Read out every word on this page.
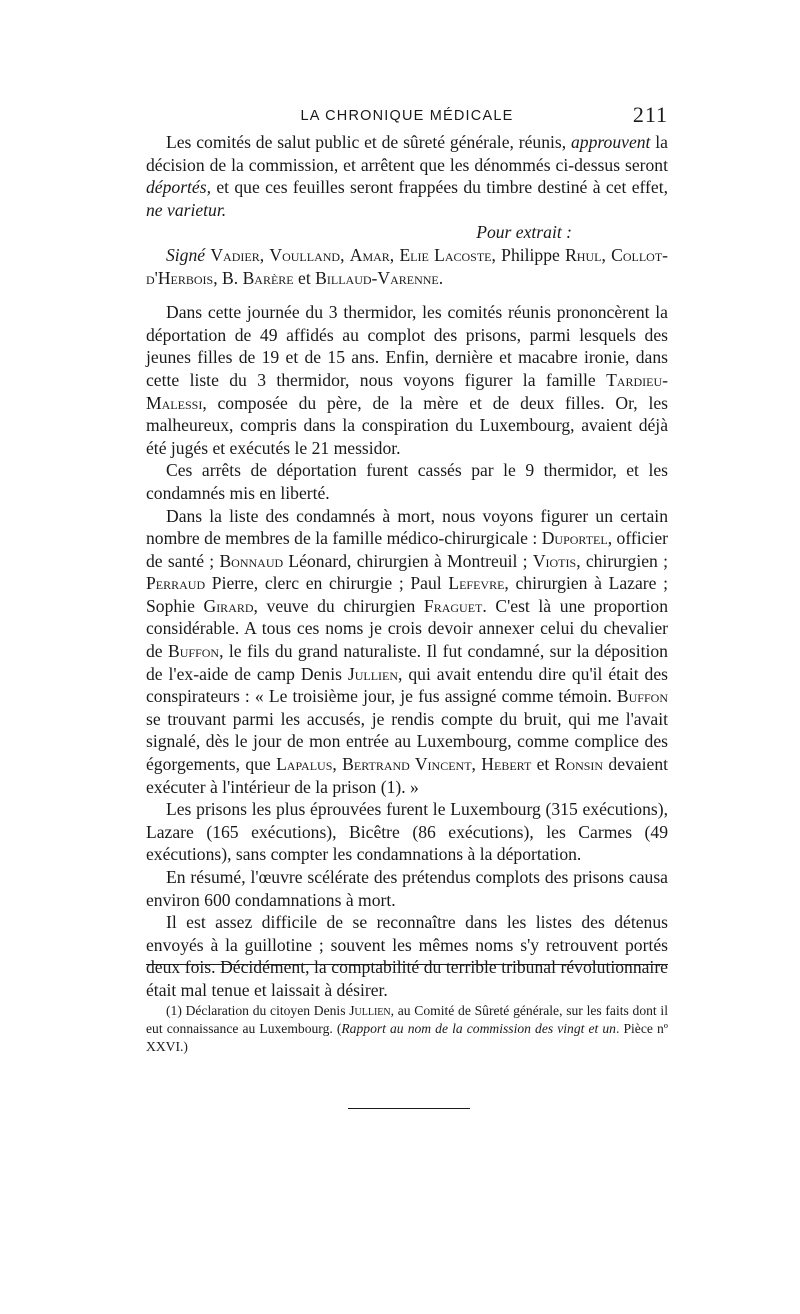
LA CHRONIQUE MÉDICALE	211

Les comités de salut public et de sûreté générale, réunis, approuvent la décision de la commission, et arrêtent que les dénommés ci-dessus seront déportés, et que ces feuilles seront frappées du timbre destiné à cet effet, ne varietur.

Pour extrait :

Signé Vadier, Voulland, Amar, Elie Lacoste, Philippe Rhul, Collot-d'Herbois, B. Barère et Billaud-Varenne.

Dans cette journée du 3 thermidor, les comités réunis prononcèrent la déportation de 49 affidés au complot des prisons, parmi lesquels des jeunes filles de 19 et de 15 ans. Enfin, dernière et macabre ironie, dans cette liste du 3 thermidor, nous voyons figurer la famille Tardieu-Malessi, composée du père, de la mère et de deux filles. Or, les malheureux, compris dans la conspiration du Luxembourg, avaient déjà été jugés et exécutés le 21 messidor.

Ces arrêts de déportation furent cassés par le 9 thermidor, et les condamnés mis en liberté.

Dans la liste des condamnés à mort, nous voyons figurer un certain nombre de membres de la famille médico-chirurgicale : Duportel, officier de santé ; Bonnaud Léonard, chirurgien à Montreuil ; Viotis, chirurgien ; Perraud Pierre, clerc en chirurgie ; Paul Lefevre, chirurgien à Lazare ; Sophie Girard, veuve du chirurgien Fraguet. C'est là une proportion considérable. A tous ces noms je crois devoir annexer celui du chevalier de Buffon, le fils du grand naturaliste. Il fut condamné, sur la déposition de l'ex-aide de camp Denis Jullien, qui avait entendu dire qu'il était des conspirateurs : « Le troisième jour, je fus assigné comme témoin. Buffon se trouvant parmi les accusés, je rendis compte du bruit, qui me l'avait signalé, dès le jour de mon entrée au Luxembourg, comme complice des égorgements, que Lapalus, Bertrand Vincent, Hebert et Ronsin devaient exécuter à l'intérieur de la prison (1). »

Les prisons les plus éprouvées furent le Luxembourg (315 exécutions), Lazare (165 exécutions), Bicêtre (86 exécutions), les Carmes (49 exécutions), sans compter les condamnations à la déportation.

En résumé, l'œuvre scélérate des prétendus complots des prisons causa environ 600 condamnations à mort.

Il est assez difficile de se reconnaître dans les listes des détenus envoyés à la guillotine ; souvent les mêmes noms s'y retrouvent portés deux fois. Décidément, la comptabilité du terrible tribunal révolutionnaire était mal tenue et laissait à désirer.

(1) Déclaration du citoyen Denis Jullien, au Comité de Sûreté générale, sur les faits dont il eut connaissance au Luxembourg. (Rapport au nom de la commission des vingt et un. Pièce nº XXVI.)
